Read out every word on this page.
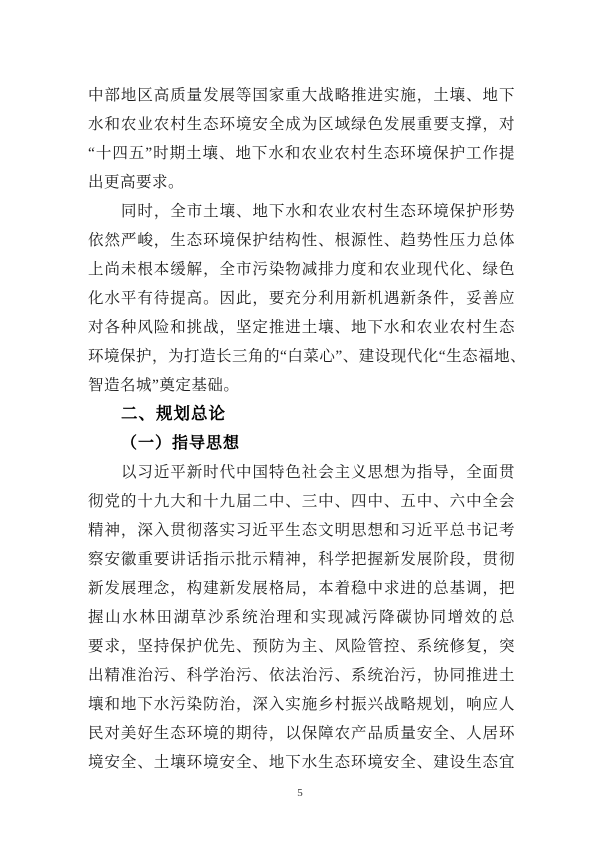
中部地区高质量发展等国家重大战略推进实施，土壤、地下
水和农业农村生态环境安全成为区域绿色发展重要支撑，对
“十四五”时期土壤、地下水和农业农村生态环境保护工作提
出更高要求。
同时，全市土壤、地下水和农业农村生态环境保护形势
依然严峻，生态环境保护结构性、根源性、趋势性压力总体
上尚未根本缓解，全市污染物减排力度和农业现代化、绿色
化水平有待提高。因此，要充分利用新机遇新条件，妥善应
对各种风险和挑战，坚定推进土壤、地下水和农业农村生态
环境保护，为打造长三角的“白菜心”、建设现代化“生态福地、
智造名城”奠定基础。
二、规划总论
（一）指导思想
以习近平新时代中国特色社会主义思想为指导，全面贯
彻党的十九大和十九届二中、三中、四中、五中、六中全会
精神，深入贯彻落实习近平生态文明思想和习近平总书记考
察安徽重要讲话指示批示精神，科学把握新发展阶段，贯彻
新发展理念，构建新发展格局，本着稳中求进的总基调，把
握山水林田湖草沙系统治理和实现减污降碳协同增效的总
要求，坚持保护优先、预防为主、风险管控、系统修复，突
出精准治污、科学治污、依法治污、系统治污，协同推进土
壤和地下水污染防治，深入实施乡村振兴战略规划，响应人
民对美好生态环境的期待，以保障农产品质量安全、人居环
境安全、土壤环境安全、地下水生态环境安全、建设生态宜
5
